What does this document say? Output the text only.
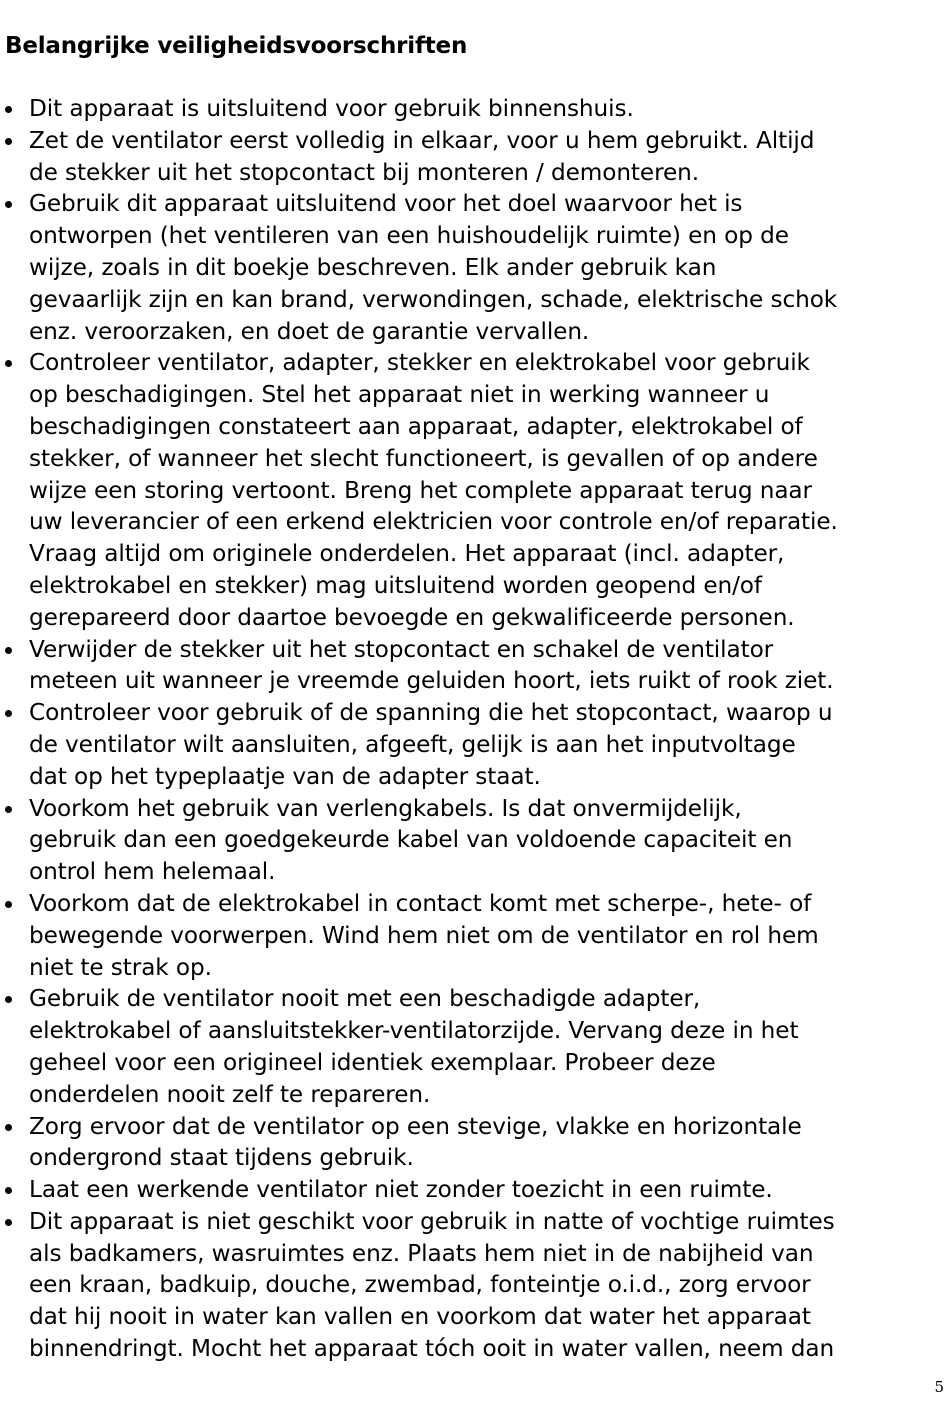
Belangrijke veiligheidsvoorschriften
Dit apparaat is uitsluitend voor gebruik binnenshuis.
Zet de ventilator eerst volledig in elkaar, voor u hem gebruikt. Altijd
de stekker uit het stopcontact bij monteren / demonteren.
Gebruik dit apparaat uitsluitend voor het doel waarvoor het is
ontworpen (het ventileren van een huishoudelijk ruimte) en op de
wijze, zoals in dit boekje beschreven. Elk ander gebruik kan
gevaarlijk zijn en kan brand, verwondingen, schade, elektrische schok
enz. veroorzaken, en doet de garantie vervallen.
Controleer ventilator, adapter, stekker en elektrokabel voor gebruik
op beschadigingen. Stel het apparaat niet in werking wanneer u
beschadigingen constateert aan apparaat, adapter, elektrokabel of
stekker, of wanneer het slecht functioneert, is gevallen of op andere
wijze een storing vertoont. Breng het complete apparaat terug naar
uw leverancier of een erkend elektricien voor controle en/of reparatie.
Vraag altijd om originele onderdelen. Het apparaat (incl. adapter,
elektrokabel en stekker) mag uitsluitend worden geopend en/of
gerepareerd door daartoe bevoegde en gekwalificeerde personen.
Verwijder de stekker uit het stopcontact en schakel de ventilator
meteen uit wanneer je vreemde geluiden hoort, iets ruikt of rook ziet.
Controleer voor gebruik of de spanning die het stopcontact, waarop u
de ventilator wilt aansluiten, afgeeft, gelijk is aan het inputvoltage
dat op het typeplaatje van de adapter staat.
Voorkom het gebruik van verlengkabels. Is dat onvermijdelijk,
gebruik dan een goedgekeurde kabel van voldoende capaciteit en
ontrol hem helemaal.
Voorkom dat de elektrokabel in contact komt met scherpe-, hete- of
bewegende voorwerpen. Wind hem niet om de ventilator en rol hem
niet te strak op.
Gebruik de ventilator nooit met een beschadigde adapter,
elektrokabel of aansluitstekker-ventilatorzijde. Vervang deze in het
geheel voor een origineel identiek exemplaar. Probeer deze
onderdelen nooit zelf te repareren.
Zorg ervoor dat de ventilator op een stevige, vlakke en horizontale
ondergrond staat tijdens gebruik.
Laat een werkende ventilator niet zonder toezicht in een ruimte.
Dit apparaat is niet geschikt voor gebruik in natte of vochtige ruimtes
als badkamers, wasruimtes enz. Plaats hem niet in de nabijheid van
een kraan, badkuip, douche, zwembad, fonteintje o.i.d., zorg ervoor
dat hij nooit in water kan vallen en voorkom dat water het apparaat
binnendringt. Mocht het apparaat tóch ooit in water vallen, neem dan
5
